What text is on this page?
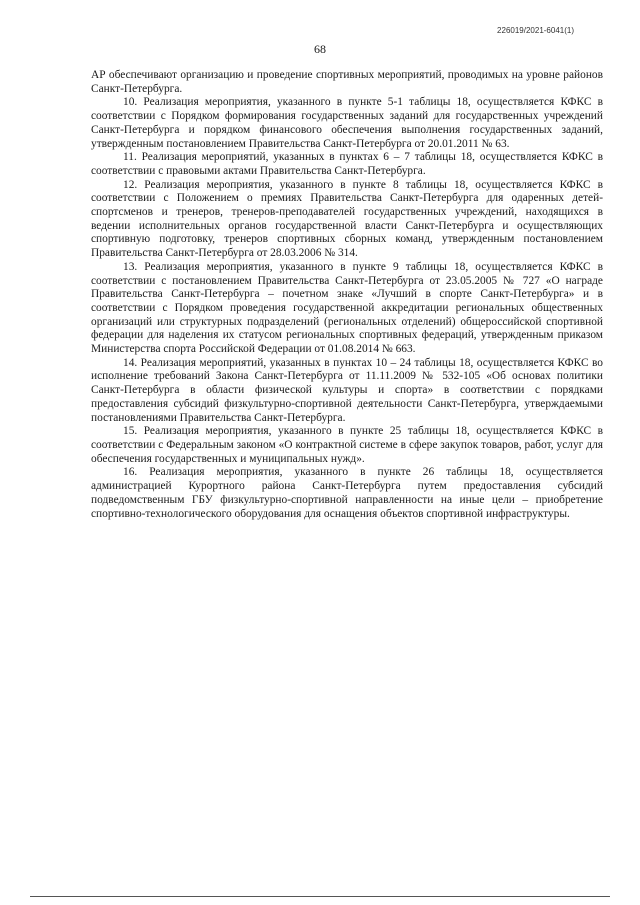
226019/2021-6041(1)
68

АР обеспечивают организацию и проведение спортивных мероприятий, проводимых на уровне районов Санкт-Петербурга.

10. Реализация мероприятия, указанного в пункте 5-1 таблицы 18, осуществляется КФКС в соответствии с Порядком формирования государственных заданий для государственных учреждений Санкт-Петербурга и порядком финансового обеспечения выполнения государственных заданий, утвержденным постановлением Правительства Санкт-Петербурга от 20.01.2011 № 63.

11. Реализация мероприятий, указанных в пунктах 6 – 7 таблицы 18, осуществляется КФКС в соответствии с правовыми актами Правительства Санкт-Петербурга.

12. Реализация мероприятия, указанного в пункте 8 таблицы 18, осуществляется КФКС в соответствии с Положением о премиях Правительства Санкт-Петербурга для одаренных детей-спортсменов и тренеров, тренеров-преподавателей государственных учреждений, находящихся в ведении исполнительных органов государственной власти Санкт-Петербурга и осуществляющих спортивную подготовку, тренеров спортивных сборных команд, утвержденным постановлением Правительства Санкт-Петербурга от 28.03.2006 № 314.

13. Реализация мероприятия, указанного в пункте 9 таблицы 18, осуществляется КФКС в соответствии с постановлением Правительства Санкт-Петербурга от 23.05.2005 № 727 «О награде Правительства Санкт-Петербурга – почетном знаке «Лучший в спорте Санкт-Петербурга» и в соответствии с Порядком проведения государственной аккредитации региональных общественных организаций или структурных подразделений (региональных отделений) общероссийской спортивной федерации для наделения их статусом региональных спортивных федераций, утвержденным приказом Министерства спорта Российской Федерации от 01.08.2014 № 663.

14. Реализация мероприятий, указанных в пунктах 10 – 24 таблицы 18, осуществляется КФКС во исполнение требований Закона Санкт-Петербурга от 11.11.2009 № 532-105 «Об основах политики Санкт-Петербурга в области физической культуры и спорта» в соответствии с порядками предоставления субсидий физкультурно-спортивной деятельности Санкт-Петербурга, утверждаемыми постановлениями Правительства Санкт-Петербурга.

15. Реализация мероприятия, указанного в пункте 25 таблицы 18, осуществляется КФКС в соответствии с Федеральным законом «О контрактной системе в сфере закупок товаров, работ, услуг для обеспечения государственных и муниципальных нужд».

16. Реализация мероприятия, указанного в пункте 26 таблицы 18, осуществляется администрацией Курортного района Санкт-Петербурга путем предоставления субсидий подведомственным ГБУ физкультурно-спортивной направленности на иные цели – приобретение спортивно-технологического оборудования для оснащения объектов спортивной инфраструктуры.
